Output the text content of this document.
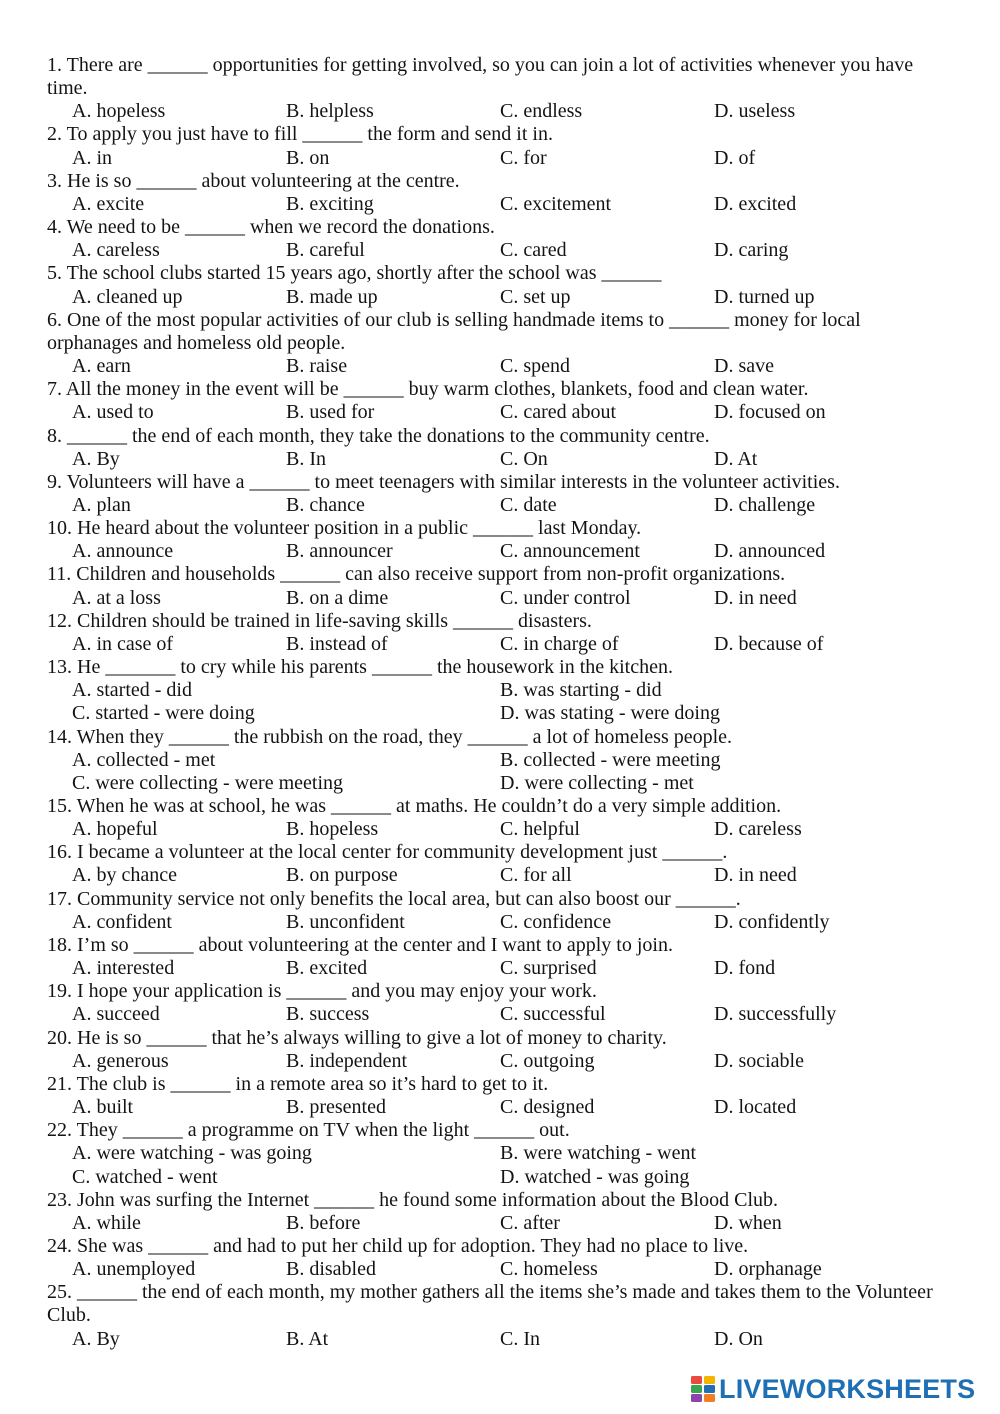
1. There are ______ opportunities for getting involved, so you can join a lot of activities whenever you have time.

A. hopeless	B. helpless	C. endless	D. useless

2. To apply you just have to fill ______ the form and send it in.

A. in	B. on	C. for	D. of

3. He is so ______ about volunteering at the centre.

A. excite	B. exciting	C. excitement	D. excited

4. We need to be ______ when we record the donations.

A. careless	B. careful	C. cared	D. caring

5. The school clubs started 15 years ago, shortly after the school was ______

A. cleaned up	B. made up	C. set up	D. turned up

6. One of the most popular activities of our club is selling handmade items to ______ money for local orphanages and homeless old people.

A. earn	B. raise	C. spend	D. save

7. All the money in the event will be ______ buy warm clothes, blankets, food and clean water.

A. used to	B. used for	C. cared about	D. focused on

8. ______ the end of each month, they take the donations to the community centre.

A. By	B. In	C. On	D. At

9. Volunteers will have a ______ to meet teenagers with similar interests in the volunteer activities.

A. plan	B. chance	C. date	D. challenge

10. He heard about the volunteer position in a public ______ last Monday.

A. announce	B. announcer	C. announcement	D. announced

11. Children and households ______ can also receive support from non-profit organizations.

A. at a loss	B. on a dime	C. under control	D. in need

12. Children should be trained in life-saving skills ______ disasters.

A. in case of	B. instead of	C. in charge of	D. because of

13. He _______ to cry while his parents ______ the housework in the kitchen.

A. started - did	B. was starting - did
C. started - were doing	D. was stating - were doing

14. When they ______ the rubbish on the road, they ______ a lot of homeless people.

A. collected - met	B. collected - were meeting
C. were collecting - were meeting	D. were collecting - met

15. When he was at school, he was ______ at maths. He couldn’t do a very simple addition.

A. hopeful	B. hopeless	C. helpful	D. careless

16. I became a volunteer at the local center for community development just ______.

A. by chance	B. on purpose	C. for all	D. in need

17. Community service not only benefits the local area, but can also boost our ______.

A. confident	B. unconfident	C. confidence	D. confidently

18. I’m so ______ about volunteering at the center and I want to apply to join.

A. interested	B. excited	C. surprised	D. fond

19. I hope your application is ______ and you may enjoy your work.

A. succeed	B. success	C. successful	D. successfully

20. He is so ______ that he’s always willing to give a lot of money to charity.

A. generous	B. independent	C. outgoing	D. sociable

21. The club is ______ in a remote area so it’s hard to get to it.

A. built	B. presented	C. designed	D. located

22. They ______ a programme on TV when the light ______ out.

A. were watching - was going	B. were watching - went
C. watched - went	D. watched - was going

23. John was surfing the Internet ______ he found some information about the Blood Club.

A. while	B. before	C. after	D. when

24. She was ______ and had to put her child up for adoption. They had no place to live.

A. unemployed	B. disabled	C. homeless	D. orphanage

25. ______ the end of each month, my mother gathers all the items she’s made and takes them to the Volunteer Club.

A. By	B. At	C. In	D. On
LIVEWORKSHEETS
